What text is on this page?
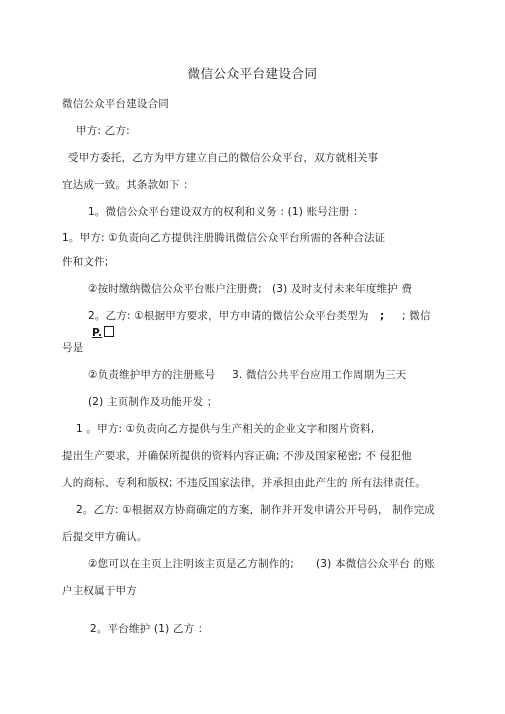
微信公众平台建设合同
微信公众平台建设合同
甲方: 乙方:
受甲方委托，乙方为甲方建立自己的微信公众平台，双方就相关事
宜达成一致。其条款如下 ：
1。微信公众平台建设双方的权利和义务 : (1) 账号注册 ：
1。甲方: ①负责向乙方提供注册腾讯微信公众平台所需的各种合法证
件和文件;
②按时缴纳微信公众平台账户注册费; (3) 及时支付未来年度维护 费
2。乙方: ①根据甲方要求，甲方申请的微信公众平台类型为 ; ; 微信
P.
号是
②负责维护甲方的注册账号 3. 微信公共平台应用工作周期为三天
(2) 主页制作及功能开发 ；
1 。甲方: ①负责向乙方提供与生产相关的企业文字和图片资料,
提出生产要求，并确保所提供的资料内容正确; 不涉及国家秘密; 不 侵犯他
人的商标、专利和版权; 不违反国家法律，并承担由此产生的 所有法律责任。
2。乙方: ①根据双方协商确定的方案，制作并开发申请公开号码， 制作完成
后提交甲方确认。
②您可以在主页上注明该主页是乙方制作的; (3) 本微信公众平台 的账
户主权属于甲方
2。平台维护 (1) 乙方 ：
